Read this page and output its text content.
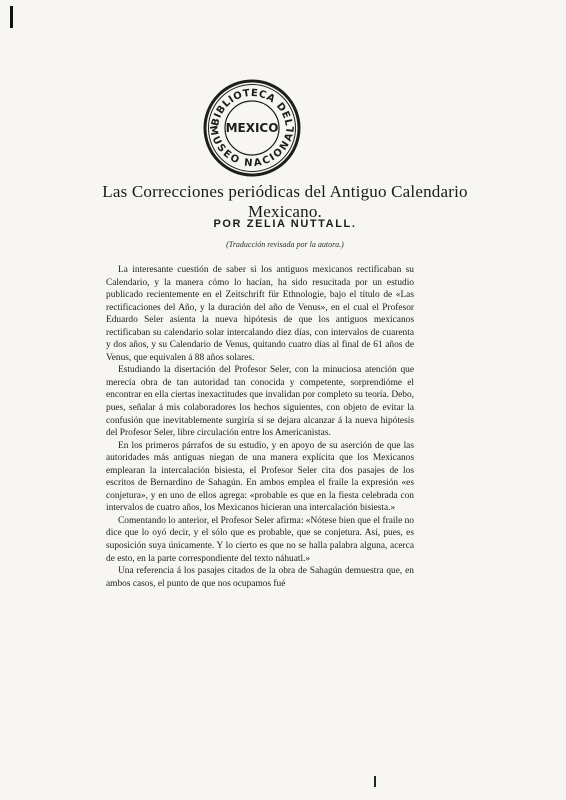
BIBLIOTECA DEL
MUSEO NACIONAL
MEXICO
Las Correcciones periódicas del Antiguo Calendario Mexicano.

POR ZELIA NUTTALL.

(Traducción revisada por la autora.)

La interesante cuestión de saber si los antiguos mexicanos rectificaban su Calendario, y la manera cómo lo hacían, ha sido resucitada por un estudio publicado recientemente en el Zeitschrift für Ethnologie, bajo el título de «Las rectificaciones del Año, y la duración del año de Venus», en el cual el Profesor Eduardo Seler asienta la nueva hipótesis de que los antiguos mexicanos rectificaban su calendario solar intercalando diez días, con intervalos de cuarenta y dos años, y su Calendario de Venus, quitando cuatro días al final de 61 años de Venus, que equivalen á 88 años solares.

Estudiando la disertación del Profesor Seler, con la minuciosa atención que merecía obra de tan autoridad tan conocida y competente, sorprendióme el encontrar en ella ciertas inexactitudes que invalidan por completo su teoría. Debo, pues, señalar á mis colaboradores los hechos siguientes, con objeto de evitar la confusión que inevitablemente surgiría si se dejara alcanzar á la nueva hipótesis del Profesor Seler, libre circulación entre los Americanistas.

En los primeros párrafos de su estudio, y en apoyo de su aserción de que las autoridades más antiguas niegan de una manera explícita que los Mexicanos emplearan la intercalación bisiesta, el Profesor Seler cita dos pasajes de los escritos de Bernardino de Sahagún. En ambos emplea el fraile la expresión «es conjetura», y en uno de ellos agrega: «probable es que en la fiesta celebrada con intervalos de cuatro años, los Mexicanos hicieran una intercalación bisiesta.»

Comentando lo anterior, el Profesor Seler afirma: «Nótese bien que el fraile no dice que lo oyó decir, y el sólo que es probable, que se conjetura. Así, pues, es suposición suya únicamente. Y lo cierto es que no se halla palabra alguna, acerca de esto, en la parte correspondiente del texto náhuatl.»

Una referencia á los pasajes citados de la obra de Sahagún demuestra que, en ambos casos, el punto de que nos ocupamos fué
